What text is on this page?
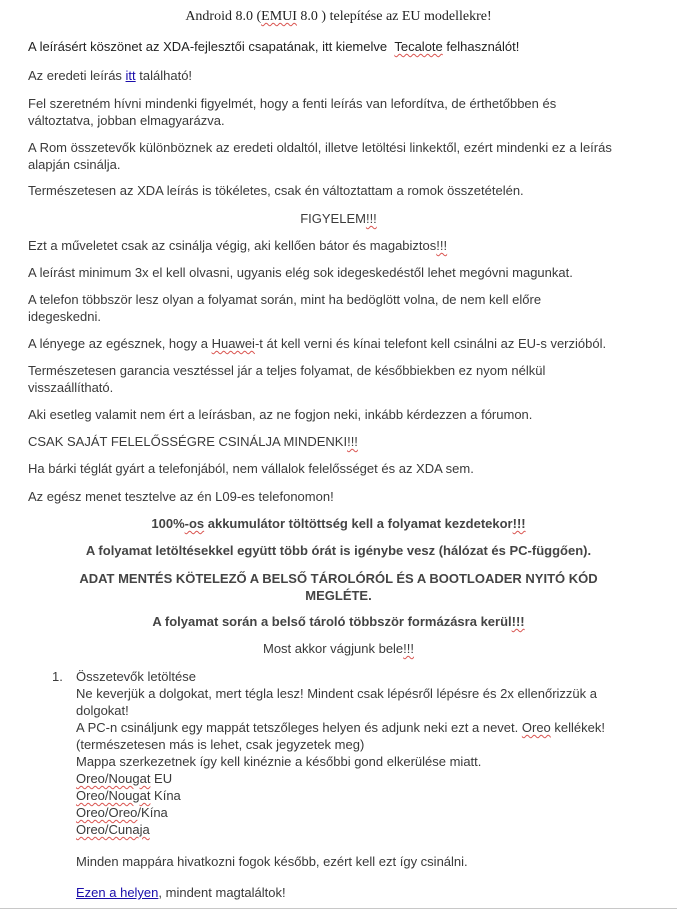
Android 8.0 (EMUI 8.0 ) telepítése az EU modellekre!
A leírásért köszönet az XDA-fejlesztői csapatának, itt kiemelve Tecalote felhasználót!
Az eredeti leírás itt található!
Fel szeretném hívni mindenki figyelmét, hogy a fenti leírás van lefordítva, de érthetőbben és
változtatva, jobban elmagyarázva.
A Rom összetevők különböznek az eredeti oldaltól, illetve letöltési linkektől, ezért mindenki ez a leírás
alapján csinálja.
Természetesen az XDA leírás is tökéletes, csak én változtattam a romok összetételén.
FIGYELEM!!!
Ezt a műveletet csak az csinálja végig, aki kellően bátor és magabiztos!!!
A leírást minimum 3x el kell olvasni, ugyanis elég sok idegeskedéstől lehet megóvni magunkat.
A telefon többször lesz olyan a folyamat során, mint ha bedöglött volna, de nem kell előre
idegeskedni.
A lényege az egésznek, hogy a Huawei-t át kell verni és kínai telefont kell csinálni az EU-s verzióból.
Természetesen garancia vesztéssel jár a teljes folyamat, de későbbiekben ez nyom nélkül
visszaállítható.
Aki esetleg valamit nem ért a leírásban, az ne fogjon neki, inkább kérdezzen a fórumon.
CSAK SAJÁT FELELŐSSÉGRE CSINÁLJA MINDENKI!!!
Ha bárki téglát gyárt a telefonjából, nem vállalok felelősséget és az XDA sem.
Az egész menet tesztelve az én L09-es telefonomon!
100%-os akkumulátor töltöttség kell a folyamat kezdetekor!!!
A folyamat letöltésekkel együtt több órát is igénybe vesz (hálózat és PC-függően).
ADAT MENTÉS KÖTELEZŐ A BELSŐ TÁROLÓRÓL ÉS A BOOTLOADER NYITÓ KÓD
MEGLÉTE.
A folyamat során a belső tároló többször formázásra kerül!!!
Most akkor vágjunk bele!!!
1. Összetevők letöltése
Ne keverjük a dolgokat, mert tégla lesz! Mindent csak lépésről lépésre és 2x ellenőrizzük a
dolgokat!
A PC-n csináljunk egy mappát tetszőleges helyen és adjunk neki ezt a nevet. Oreo kellékek!
(természetesen más is lehet, csak jegyzetek meg)
Mappa szerkezetnek így kell kinéznie a későbbi gond elkerülése miatt.
Oreo/Nougat EU
Oreo/Nougat Kína
Oreo/Oreo/Kína
Oreo/Cunaja
Minden mappára hivatkozni fogok később, ezért kell ezt így csinálni.
Ezen a helyen, mindent magtaláltok!
